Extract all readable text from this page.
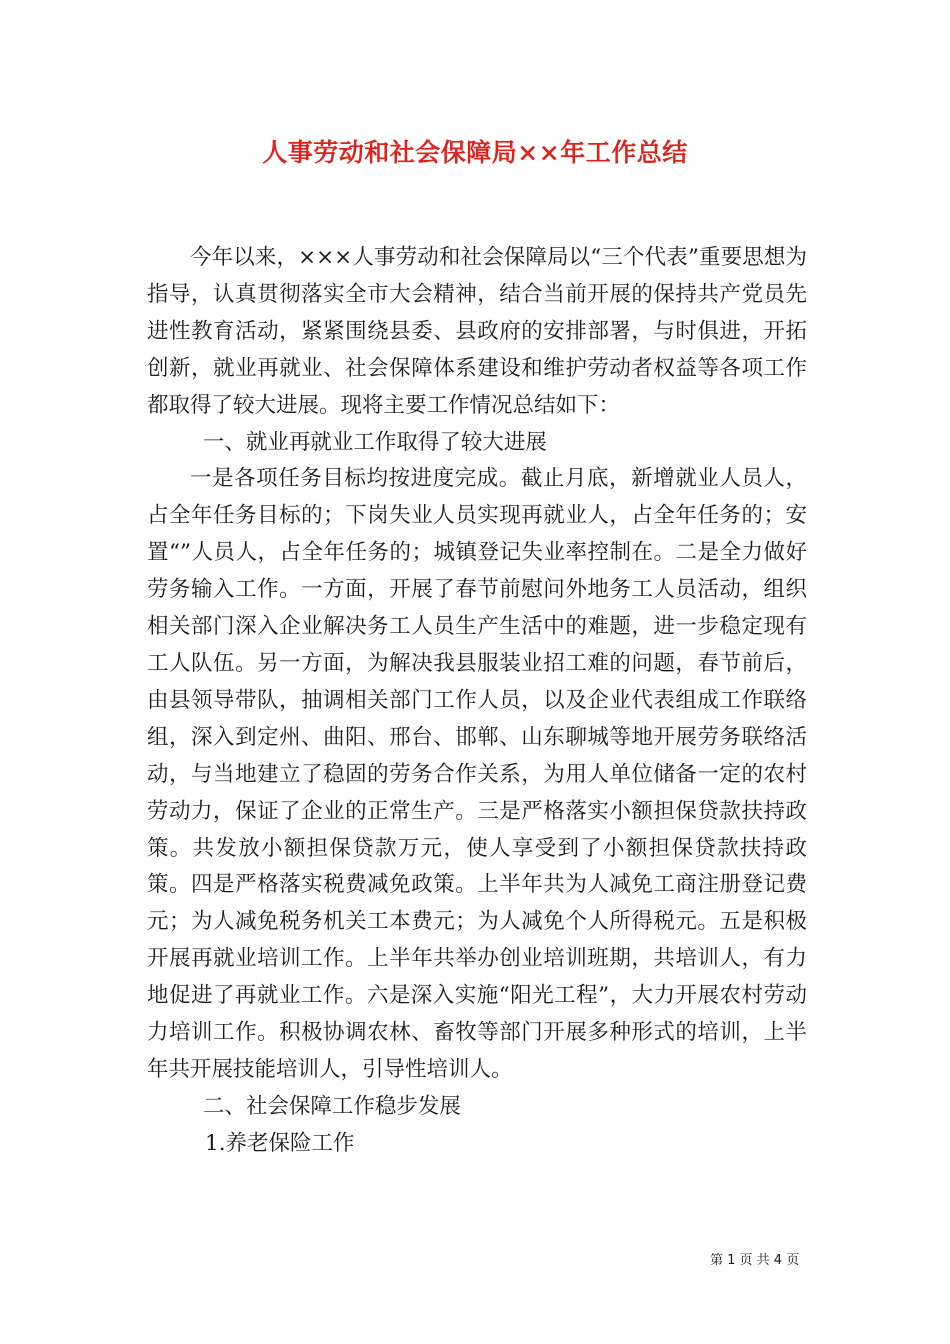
人事劳动和社会保障局××年工作总结

今年以来，×××人事劳动和社会保障局以“三个代表”重要思想为指导，认真贯彻落实全市大会精神，结合当前开展的保持共产党员先进性教育活动，紧紧围绕县委、县政府的安排部署，与时俱进，开拓创新，就业再就业、社会保障体系建设和维护劳动者权益等各项工作都取得了较大进展。现将主要工作情况总结如下：

一、就业再就业工作取得了较大进展

一是各项任务目标均按进度完成。截止月底，新增就业人员人，占全年任务目标的；下岗失业人员实现再就业人，占全年任务的；安置“”人员人，占全年任务的；城镇登记失业率控制在。二是全力做好劳务输入工作。一方面，开展了春节前慰问外地务工人员活动，组织相关部门深入企业解决务工人员生产生活中的难题，进一步稳定现有工人队伍。另一方面，为解决我县服装业招工难的问题，春节前后，由县领导带队，抽调相关部门工作人员，以及企业代表组成工作联络组，深入到定州、曲阳、邢台、邯郸、山东聊城等地开展劳务联络活动，与当地建立了稳固的劳务合作关系，为用人单位储备一定的农村劳动力，保证了企业的正常生产。三是严格落实小额担保贷款扶持政策。共发放小额担保贷款万元，使人享受到了小额担保贷款扶持政策。四是严格落实税费减免政策。上半年共为人减免工商注册登记费元；为人减免税务机关工本费元；为人减免个人所得税元。五是积极开展再就业培训工作。上半年共举办创业培训班期，共培训人，有力地促进了再就业工作。六是深入实施“阳光工程”，大力开展农村劳动力培训工作。积极协调农林、畜牧等部门开展多种形式的培训，上半年共开展技能培训人，引导性培训人。

二、社会保障工作稳步发展

1.养老保险工作

第 1 页 共 4 页
